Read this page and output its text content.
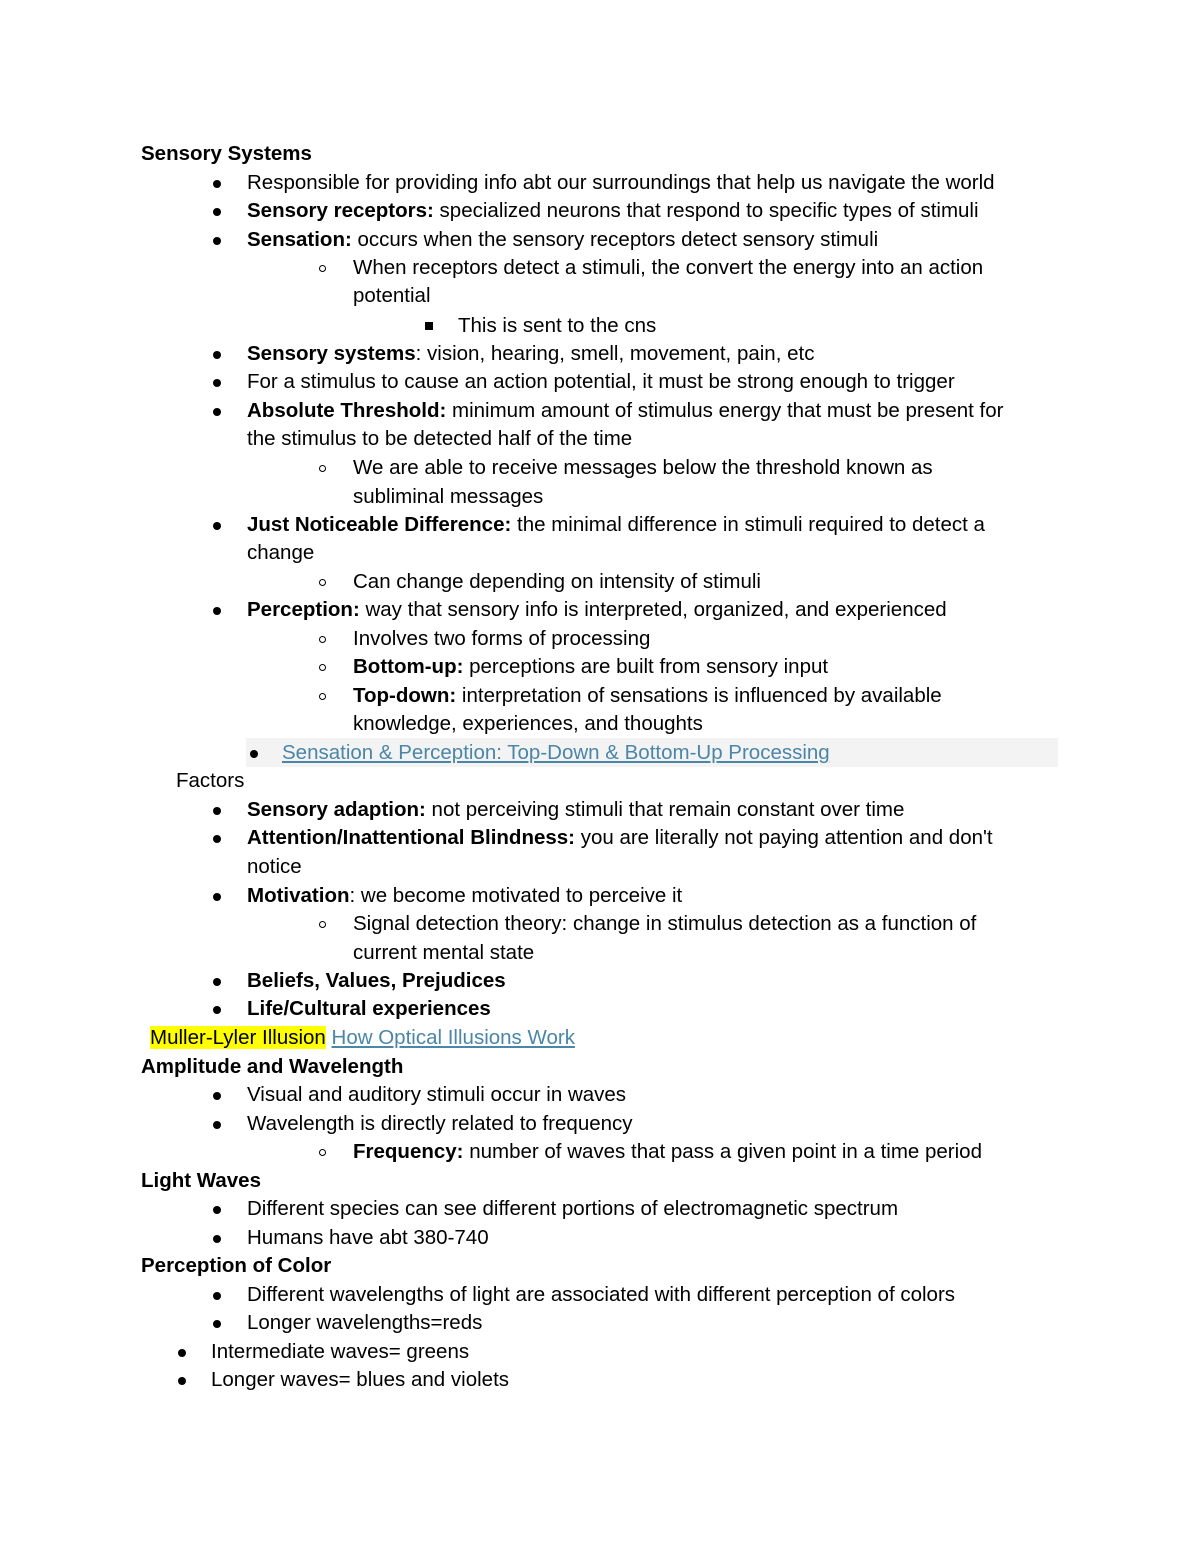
Sensory Systems
Responsible for providing info abt our surroundings that help us navigate the world
Sensory receptors: specialized neurons that respond to specific types of stimuli
Sensation: occurs when the sensory receptors detect sensory stimuli
When receptors detect a stimuli, the convert the energy into an action
potential
This is sent to the cns
Sensory systems: vision, hearing, smell, movement, pain, etc
For a stimulus to cause an action potential, it must be strong enough to trigger
Absolute Threshold: minimum amount of stimulus energy that must be present for
the stimulus to be detected half of the time
We are able to receive messages below the threshold known as
subliminal messages
Just Noticeable Difference: the minimal difference in stimuli required to detect a
change
Can change depending on intensity of stimuli
Perception: way that sensory info is interpreted, organized, and experienced
Involves two forms of processing
Bottom-up: perceptions are built from sensory input
Top-down: interpretation of sensations is influenced by available
knowledge, experiences, and thoughts
Sensation & Perception: Top-Down & Bottom-Up Processing
Factors
Sensory adaption: not perceiving stimuli that remain constant over time
Attention/Inattentional Blindness: you are literally not paying attention and don't
notice
Motivation: we become motivated to perceive it
Signal detection theory: change in stimulus detection as a function of
current mental state
Beliefs, Values, Prejudices
Life/Cultural experiences
Muller-Lyler Illusion How Optical Illusions Work
Amplitude and Wavelength
Visual and auditory stimuli occur in waves
Wavelength is directly related to frequency
Frequency: number of waves that pass a given point in a time period
Light Waves
Different species can see different portions of electromagnetic spectrum
Humans have abt 380-740
Perception of Color
Different wavelengths of light are associated with different perception of colors
Longer wavelengths=reds
Intermediate waves= greens
Longer waves= blues and violets
